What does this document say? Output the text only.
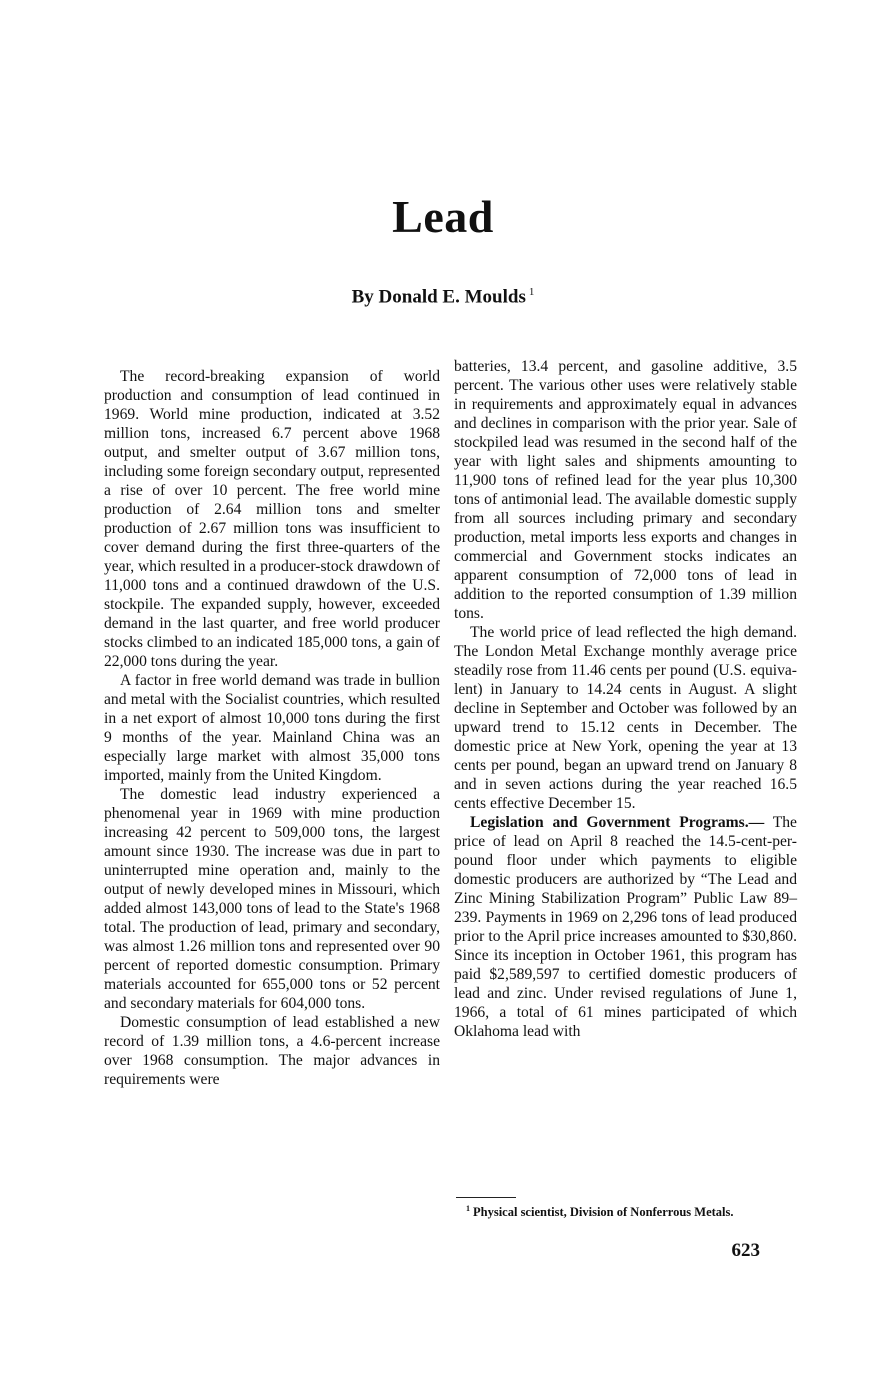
Lead

By Donald E. Moulds $^1$

The record-breaking expansion of world production and consumption of lead continued in 1969. World mine production, indicated at 3.52 million tons, increased 6.7 percent above 1968 output, and smelter output of 3.67 million tons, including some foreign secondary output, represented a rise of over 10 percent. The free world mine production of 2.64 million tons and smelter production of 2.67 million tons was insufficient to cover demand during the first three-quarters of the year, which resulted in a producer-stock drawdown of 11,000 tons and a continued drawdown of the U.S. stockpile. The expanded supply, however, exceeded demand in the last quarter, and free world producer stocks climbed to an indicated 185,000 tons, a gain of 22,000 tons during the year.

A factor in free world demand was trade in bullion and metal with the Socialist countries, which resulted in a net export of almost 10,000 tons during the first 9 months of the year. Mainland China was an especially large market with almost 35,000 tons imported, mainly from the United Kingdom.

The domestic lead industry experienced a phenomenal year in 1969 with mine production increasing 42 percent to 509,000 tons, the largest amount since 1930. The increase was due in part to uninterrupted mine operation and, mainly to the output of newly developed mines in Missouri, which added almost 143,000 tons of lead to the State's 1968 total. The production of lead, primary and secondary, was almost 1.26 million tons and represented over 90 percent of reported domestic consumption. Primary materials accounted for 655,000 tons or 52 percent and secondary materials for 604,000 tons.

Domestic consumption of lead established a new record of 1.39 million tons, a 4.6-percent increase over 1968 consumption. The major advances in requirements were

batteries, 13.4 percent, and gasoline additive, 3.5 percent. The various other uses were relatively stable in requirements and approximately equal in advances and declines in comparison with the prior year. Sale of stockpiled lead was resumed in the second half of the year with light sales and shipments amounting to 11,900 tons of refined lead for the year plus 10,300 tons of antimonial lead. The available domestic supply from all sources including primary and secondary production, metal imports less exports and changes in commercial and Government stocks indicates an apparent consumption of 72,000 tons of lead in addition to the reported consumption of 1.39 million tons.

The world price of lead reflected the high demand. The London Metal Exchange monthly average price steadily rose from 11.46 cents per pound (U.S. equivalent) in January to 14.24 cents in August. A slight decline in September and October was followed by an upward trend to 15.12 cents in December. The domestic price at New York, opening the year at 13 cents per pound, began an upward trend on January 8 and in seven actions during the year reached 16.5 cents effective December 15.

Legislation and Government Programs.— The price of lead on April 8 reached the 14.5-cent-per-pound floor under which payments to eligible domestic producers are authorized by “The Lead and Zinc Mining Stabilization Program” Public Law 89–239. Payments in 1969 on 2,296 tons of lead produced prior to the April price increases amounted to $30,860. Since its inception in October 1961, this program has paid $2,589,597 to certified domestic producers of lead and zinc. Under revised regulations of June 1, 1966, a total of 61 mines participated of which Oklahoma lead with

$^1$ Physical scientist, Division of Nonferrous Metals.

623
